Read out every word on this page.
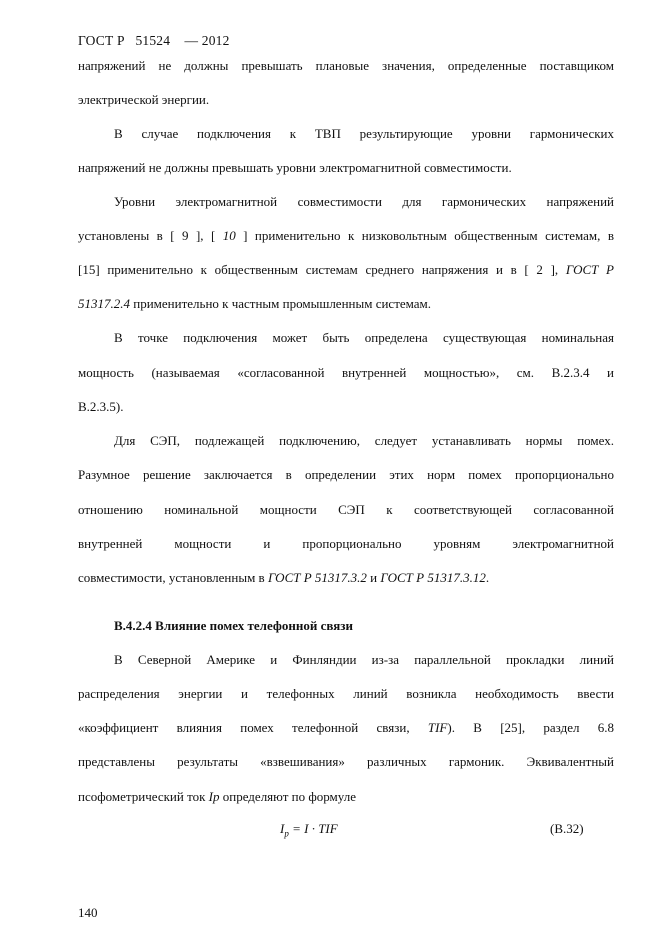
ГОСТ Р   51524    — 2012
напряжений не должны превышать плановые значения, определенные поставщиком
электрической энергии.
В случае подключения к ТВП результирующие уровни гармонических
напряжений не должны превышать уровни электромагнитной совместимости.
Уровни электромагнитной совместимости для гармонических напряжений
установлены в [ 9 ], [ 10 ] применительно к низковольтным общественным системам, в
[15] применительно к общественным системам среднего напряжения и в [ 2 ], ГОСТ Р
51317.2.4 применительно к частным промышленным системам.
В точке подключения может быть определена существующая номинальная
мощность (называемая «согласованной внутренней мощностью», см. В.2.3.4 и
В.2.3.5).
Для СЭП, подлежащей подключению, следует устанавливать нормы помех.
Разумное решение заключается в определении этих норм помех пропорционально
отношению номинальной мощности СЭП к соответствующей согласованной
внутренней мощности и пропорционально уровням электромагнитной
совместимости, установленным в ГОСТ Р 51317.3.2 и ГОСТ Р 51317.3.12.
В Северной Америке и Финляндии из-за параллельной прокладки линий
распределения энергии и телефонных линий возникла необходимость ввести
«коэффициент влияния помех телефонной связи, TIF). В [25], раздел 6.8
представлены результаты «взвешивания» различных гармоник. Эквивалентный
псофометрический ток Ip определяют по формуле
В.4.2.4 Влияние помех телефонной связи
$I_p = I$ · TIF	(В.32)
140
